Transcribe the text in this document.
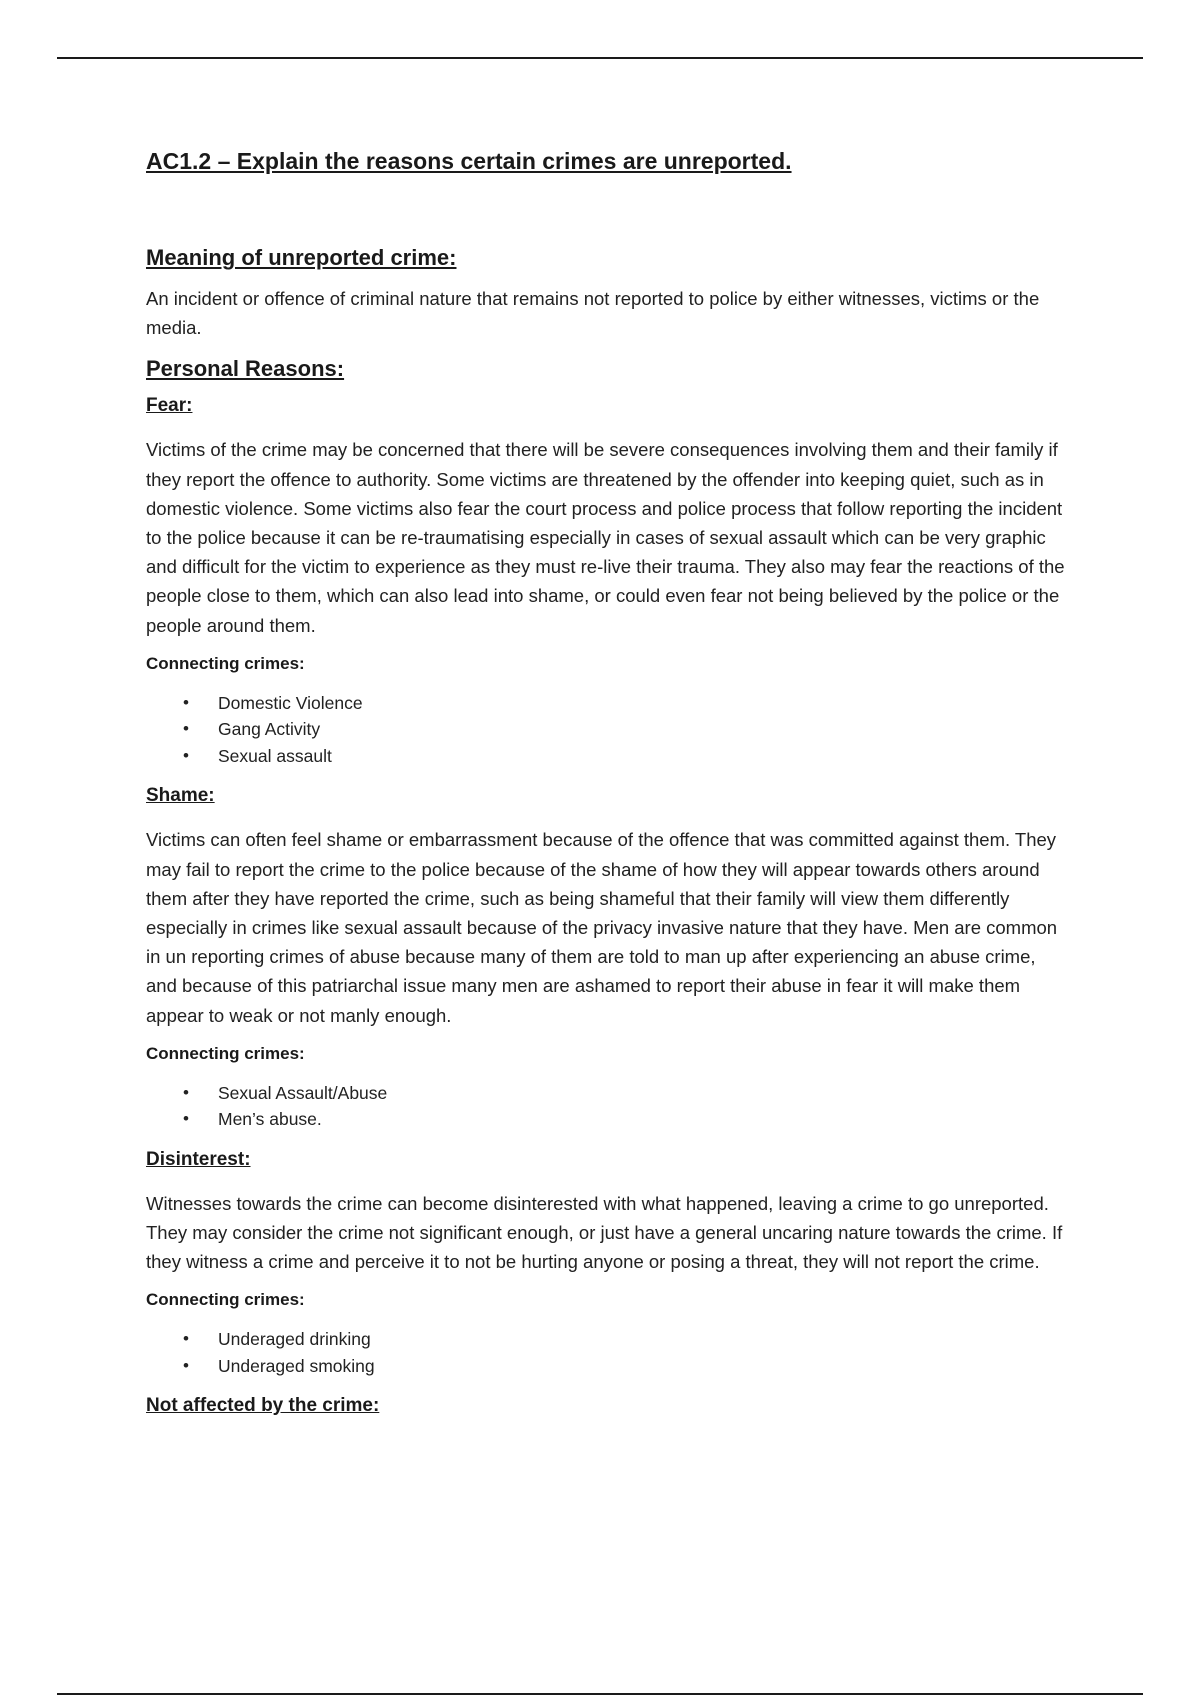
AC1.2 – Explain the reasons certain crimes are unreported.
Meaning of unreported crime:

An incident or offence of criminal nature that remains not reported to police by either witnesses, victims or the media.

Personal Reasons:
Fear:

Victims of the crime may be concerned that there will be severe consequences involving them and their family if they report the offence to authority. Some victims are threatened by the offender into keeping quiet, such as in domestic violence. Some victims also fear the court process and police process that follow reporting the incident to the police because it can be re-traumatising especially in cases of sexual assault which can be very graphic and difficult for the victim to experience as they must re-live their trauma. They also may fear the reactions of the people close to them, which can also lead into shame, or could even fear not being believed by the police or the people around them.

Connecting crimes:
• Domestic Violence
• Gang Activity
• Sexual assault
Shame:

Victims can often feel shame or embarrassment because of the offence that was committed against them. They may fail to report the crime to the police because of the shame of how they will appear towards others around them after they have reported the crime, such as being shameful that their family will view them differently especially in crimes like sexual assault because of the privacy invasive nature that they have. Men are common in un reporting crimes of abuse because many of them are told to man up after experiencing an abuse crime, and because of this patriarchal issue many men are ashamed to report their abuse in fear it will make them appear to weak or not manly enough.

Connecting crimes:
• Sexual Assault/Abuse
• Men’s abuse.
Disinterest:

Witnesses towards the crime can become disinterested with what happened, leaving a crime to go unreported. They may consider the crime not significant enough, or just have a general uncaring nature towards the crime. If they witness a crime and perceive it to not be hurting anyone or posing a threat, they will not report the crime.

Connecting crimes:
• Underaged drinking
• Underaged smoking
Not affected by the crime:
